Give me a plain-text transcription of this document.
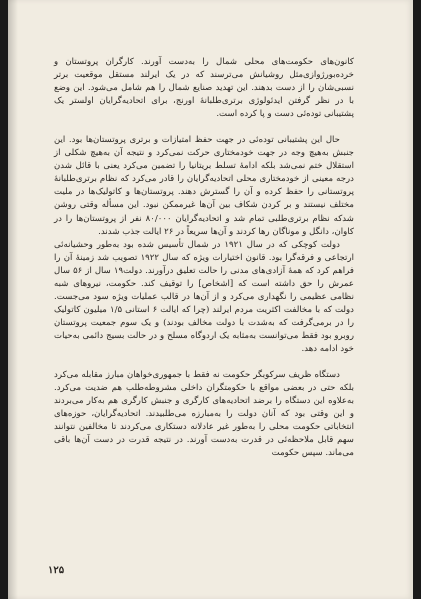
کانون‌های حکومت‌های محلی شمال را به‌دست آورند. کارگران پروتستان و خرده‌بورژوازی‌مثل روشیانش می‌ترسند که در یک ایرلند مستقل موقعیت برتر نسبی‌شان را از دست بدهند. این تهدید صنایع شمال را هم شامل می‌شود. این وضع با در نظر گرفتن ایدئولوژی برتری‌طلبانهٔ اورنج، برای اتحادیه‌گرایان اولستر یک پشتیبانی توده‌ئی دست و پا کرده است.

حال این پشتیبانی توده‌ئی در جهت حفظ امتیازات و برتری پروتستان‌ها بود. این جنبش به‌هیچ وجه در جهت خودمختاری حرکت نمی‌کرد و نتیجه آن به‌هیچ شکلی از استقلال ختم نمی‌شد بلکه ادامهٔ تسلط بریتانیا را تضمین می‌کرد یعنی با قائل شدن درجه معینی از خودمختاری محلی اتحادیه‌گرایان را قادر می‌کرد که نظام برتری‌طلبانهٔ پروتستانی را حفظ کرده و آن را گسترش دهند. پروتستان‌ها و کاتولیک‌ها در ملیت مختلف نیستند و بر کردن شکاف بین آن‌ها غیرممکن نبود. این مسأله وقتی روشن شدکه نظام برتری‌طلبی تمام شد و اتحادیه‌گرایان ۸۰/۰۰۰ نفر از پروتستان‌ها را در کاوان، دانگل و موناگان رها کردند و آن‌ها سریعاً در ۲۶ ایالت جذب شدند.

دولت کوچکی که در سال ۱۹۲۱ در شمال تأسیس شده بود به‌طور وحشیانه‌ئی ارتجاعی و فرقه‌گرا بود. قانون اختیارات ویژه که سال ۱۹۲۲ تصویب شد زمینهٔ آن را فراهم کرد که همهٔ آزادی‌های مدنی را حالت تعلیق درآورند. دولت۱۹ سال از ۵۶ سال عمرش را حق داشته است که [اشخاص] را توقیف کند. حکومت، نیروهای شبه نظامی عظیمی را نگهداری می‌کرد و از آن‌ها در قالب عملیات ویژه سود می‌جست. دولت که با مخالفت اکثریت مردم ایرلند (چرا که ایالت ۶ استانی ۱/۵ میلیون کاتولیک را در برمی‌گرفت که به‌شدت با دولت مخالف بودند) و یک سوم جمعیت پروتستان روبرو بود فقط می‌توانست به‌مثابه یک اردوگاه مسلح و در حالت بسیج دائمی به‌حیات خود ادامه دهد.

دستگاه ظریف سرکوبگر حکومت نه فقط با جمهوری‌خواهان مبارز مقابله می‌کرد بلکه حتی در بعضی مواقع با حکومتگران داخلی مشروطه‌طلب هم ضدیت می‌کرد. به‌علاوه این دستگاه را برضد اتحادیه‌های کارگری و جنبش کارگری هم به‌کار می‌بردند و این وقتی بود که آنان دولت را به‌مبارزه می‌طلبیدند. اتحادیه‌گرایان، حوزه‌های انتخاباتی حکومت محلی را به‌طور غیر عادلانه دستکاری می‌کردند تا مخالفین نتوانند سهم قابل ملاحظه‌ئی در قدرت به‌دست آورند. در نتیجه قدرت در دست آن‌ها باقی می‌ماند. سپس حکومت

۱۲۵
